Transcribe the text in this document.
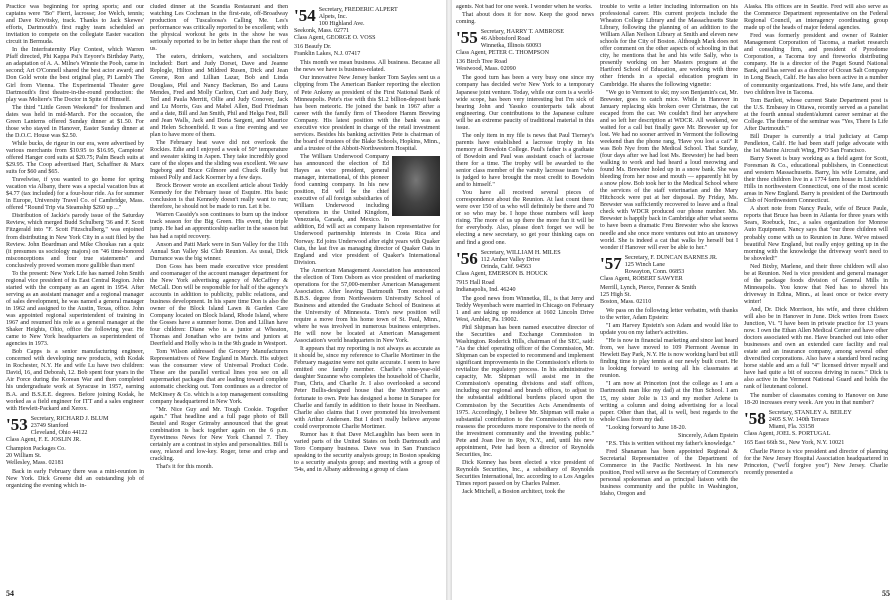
Practice was beginning for spring sports; and our captains were "Bo" Fierri, lacrosse; Joe Welch, tennis; and Dave Krivitsky, track. Thanks to Jack Skewes' efforts, Dartmouth's first rugby team scheduled an invitation to compete on the collegiate Easter vacation circuit in Bermuda.

In the Interfraternity Play Contest, which Warren Pfaff directed, Phi Kappa Psi's Eeyore's Birthday Party, an adaptation of A. A. Milne's Winnie the Pooh, came in second; Art O'Connell shared the best actor award; and Don Gold wrote the best original play, Pi Lamb's The Girl from Vienna. The Experimental Theater gave Dartmouth's first theatre-in-the-round production: the play was Moliere's The Doctor in Spite of Himself.

The third "Little Green Weekend" for freshmen and dates was held in mid-March. For the occasion, the Green Lanterns offered Sunday dinner at $1.50. For those who stayed in Hanover, Easter Sunday dinner at the D.O.C. House was $2.50.

While bucks, de rigeur in our era, were advertised by various merchants from $10.95 to $16.95, Campions' offered Hanger cord suits at $20.75; Palm Beach suits at $29.95. The Coop advertised Hart, Schaffner & Marx suits for $60 and $65.

Travelwise, if you wanted to go home for spring vacation via Albany, there was a special vacation bus at $4.77 (tax included) for a four-hour ride. As for summer in Europe, University Travel Co. of Cambridge, Mass. offered "Round Trip via Steamship $260 up ..."

Distribution of Jackie's parody issue of the Saturday Review, which merged Budd Schulberg '36 and F. Scott Fitzgerald into "F. Scott Fitzschulberg," was enjoined from distributing in New York City in a suit filed by the Review. John Boardman and Mike Choukas ran a quiz (it presumes us sociology majors) on "46 time-honored misconceptions and four true statements" and conclusively proved women more gullible than men!

To the present: New York Life has named John Smith regional vice president of its East Central Region. John started with the company as an agent in 1954. After serving as an assistant manager and a regional manager of sales development, he was named a general manager in 1962 and assigned to the Austin, Texas, office. John was appointed regional superintendent of training in 1967 and resumed his role as a general manager at the Shaker Heights, Ohio, office the following year. He came to New York headquarters as superintendent of agencies in 1973.

Bob Capps is a senior manufacturing engineer, concerned with developing new products, with Kodak in Rochester, N.Y. He and wife Lu have two children: David, 16, and Deborah, 12. Bob spent four years in the Air Force during the Korean War and then completed his undergraduate work at Syracuse in 1957, earning B.A. and B.S.E.E. degrees. Before joining Kodak, he worked as a field engineer for ITT and a sales engineer with Hewlett-Packard and Xerox.

'53 Secretary, RICHARD J. BLUM
23749 Stanford
Cleveland, Ohio 44122
Class Agent, F. E. JOSLIN JR.
Champion Packages Co.
20 William St.
Wellesley, Mass. 02181

Back in early February there was a mini-reunion in New York. Dick Greene did an outstanding job of organizing the evening which in-

cluded dinner at the Scandia Restaurant and then watching Les Cochman in the first-rate, off-Broadway production of Tuscaloosa's Calling Me. Les's performance was critically reported to be excellent; with the physical workout he gets in the show he was seriously reported to be in better shape than the rest of us.

The eaters, drinkers, watchers, and socializers included: Burt and Judy Dorset, Dave and Jeanne Replogle, Hilton and Mildred Rusen, Dick and Jean Greene, Ron and Lillian Lazar, Bob and Linda Douglass, Phil and Nancy Backman, Bo and Laura Mendes, Fred and Molly Carlton, Curt and Judy Bury, Ted and Paula Merritt, Ollie and Judy Conover, Jack and Lu Morris, Gus and Mabel Allen, Bud Friedman and a date, Bill and Jan Smith, Phil and Helga Fest, Bill and Jean Walls, Jack and Doria Sargent, and Maurice and Helen Schoenfield. It was a fine evening and we plan to have more of them.

The February heat wave did not overlook the Rockies. Edie and I enjoyed a week of 50° temperature and sweater skiing in Aspen. They take incredibly good care of the slopes and the sliding was excellent. We saw Ingeborg and Bruce Gilmore and Chuck Reilly but missed Polly and Jack Koerner by a few days.

Brock Brower wrote an excellent article about Teddy Kennedy for the February issue of Esquire. His basic conclusion is that Kennedy doesn't really want to run; therefore, he should not be made to run. Let it be.

Warren Cassidy's son continues to burn up the indoor track season for the Big Green. His event, the triple jump. He had an apprenticeship earlier in the season but has had a rapid recovery.

Anson and Patti Mark were in Sun Valley for the 11th Annual Sun Valley Ski Club Reunion. As usual, Dick Durrance was the big winner.

Don Goss has been made executive vice president and coomanager of the account manager department for the New York advertising agency of McCaffrey & McCall. Don will be responsible for half of the agency's accounts in addition to publicity, public relations, and business development. In his spare time Don is also the owner of the Block Island Lawn & Garden Care Company located on Block Island, Rhode Island, where the Gosses have a summer home. Don and Lillian have four children: Diane who is a junior at Wheaton, Thomas and Jonathan who are twins and juniors at Deerfield and Holly who is in the 9th grade in Westport.

Tom Wilson addressed the Grocery Manufacturers Representatives of New England in March. His subject was the consumer view of Universal Product Code. These are the parallel vertical lines you see on all supermarket packages that are leading toward complete automatic checking out. Tom continues as a director of McKinsey & Co. which is a top management consulting company headquartered in New York.

"Mr. Nice Guy and Mr. Tough Cookie. Together again." That headline and a full page photo of Bill Beutel and Roger Grimsby announced that the great combination is back together again on the 6 p.m. Eyewitness News for New York Channel 7. They certainly are a contrast in styles and personalities. Bill is easy, relaxed and low-key. Roger, terse and crisp and crackling.

That's it for this month.

'54 Secretary, FREDERIC ALPERT
Alpets, Inc.
100 Highland Ave.
Seekonk, Mass. 02771
Class Agent, GEORGE O. VOSS
316 Beaufy Dr.
Franklin Lakes, N.J. 07417

This month we mean business. All business. Because all the news we have is business-related.

Our innovative New Jersey banker Tom Sayles sent us a clipping from The American Banker reporting the election of Pete Ankeny as president of the First National Bank of Minneapolis. Pete's rise with this $1.2 billion-deposit bank has been meteoric. He joined the bank in 1967 after a career with the family firm of Theodore Hamm Brewing Company. His latest position with the bank was as executive vice president in charge of the retail investment services. Besides his banking activities Pete is chairman of the board of trustees of the Blake Schools, Hopkins, Minn., and a trustee of the Abbott-Northwestern Hospital.

The William Underwood Company has announced the election of Ed Hayes as vice president, general manager, international, of this pioneer food canning company. In his new position, Ed will be the chief executive of all foreign subsidiaries of William Underwood including operations in the United Kingdom, Venezuela, Canada, and Mexico. In addition, Ed will act as company liaison representative for Underwood partnership interests in Costa Rica and Norway. Ed joins Underwood after eight years with Quaker Oats, the last five as managing director of Quaker Oats in England and vice president of Quaker's International Division.

The American Management Association has announced the election of Tom Osborn as vice president of marketing operations for the 57,000-member American Management Association. After leaving Dartmouth Tom received a B.B.S. degree from Northwestern University School of Business and attended the Graduate School of Business at the University of Minnesota. Tom's new position will require a move from his home town of St. Paul, Minn., where he was involved in numerous business enterprises. He will now be located at American Management Association's world headquarters in New York.

It appears that my reporting is not always as accurate as it should be, since my reference to Charlie Mortimer in the February magazine were not quite accurate. I seem to have omitted one family member. Charlie's nine-year-old daughter Suzanne who completes the household of Charlie, Fran, Chris, and Charlie Jr. I also overlooked a second Peter Bullis-designed house that the Mortimer's are fortunate to own. Pete has designed a home in Sunapee for Charlie and family in addition to their house in Needham. Charlie also claims that I over promoted his involvement with Arthur Andersen. But I don't really believe anyone could overpromote Charlie Mortimer.

Rumor has it that Dave McLaughlin has been seen in varied parts of the United States on both Dartmouth and Toro Company business. Dave was in San Francisco speaking to the security analysts group; in Boston speaking to a security analysts group; and meeting with a group of '54s, and in Albany addressing a group of class

54

agents. Not bad for one week. I wonder when he works.

That about does it for now. Keep the good news coming.

'55 Secretary, HARRY T. AMBROSE
46 Abbotsford Road
Winnetka, Illinois 60093
Class Agent, PETER C. THOMPSON
136 Birch Tree Road
Westwood, Mass. 02090

The good turn has been a very busy one since my company has decided we're New York to a temporary Japanese joint venture. Today, while our corn is a world-wide scope, has been very interesting but I'm sick of hearing John and Yasuko counterparts talk about engineering. Our contributions to the Japanese culture will be an extreme paucity of traditional material in this issue.

The only item in my file is news that Paul Tierney's parents have established a lacrosse trophy in his memory at Bowdoin College. Paul's father is a graduate of Bowdoin and Paul was assistant coach of lacrosse there for a time. The trophy will be awarded to the senior class member of the varsity lacrosse team "who is judged to have brought the most credit to Bowdoin and to himself."

You have all received several pieces of correspondence about the Reunion. At last count there were over 150 of us who will definitely be there and 70 or so who may be. I hope those numbers will keep rising. The more of us up there the more fun it will be for everybody. Also, please don't forget we will be electing a new secretary, so get your thinking caps on and find a good one.

'56 Secretary, WILLIAM H. MILES
112 Amber Valley Drive
Orinda, Calif. 94563
Class Agent, EMERSON B. HOUCK
7915 Hall Road
Indianapolis, Ind. 46240

The good news from Winnetka, Ill., is that Jerry and Teddy Weyenbach were married in Chicago on February 1 and are taking up residence at 1602 Lincoln Drive West, Ambler, Pa. 19002.

Phil Shipman has been named executive director of the Securities and Exchange Commission in Washington. Roderick Hills, chairman of the SEC, said: "As the chief operating officer of the Commission, Mr. Shipman can be expected to recommend and implement significant improvements in the Commission's efforts to revitalize the regulatory process. In his administrative capacity, Mr. Shipman will assist me in the Commission's operating divisions and staff offices, including our regional and branch offices, to adjust to the substantial additional burdens placed upon the Commission by the Securities Acts Amendments of 1975. Accordingly, I believe Mr. Shipman will make a substantial contribution to the Commission's effort to reassess the procedures more responsive to the needs of the investment community and the investing public." Pete and Joan live in Rye, N.Y., and, until his new appointment, Pete had been a director of Reynolds Securities, Inc.

Dick Kenney has been elected a vice president of Reynolds Securities, Inc., a subsidiary of Reynolds Securities International, Inc. according to a Los Angeles Times report passed on by Charles Palmer.

Jack Mitchell, a Boston architect, took the

trouble to write a letter including information on his professional career. His current projects include the Wheaton College Library and the Massachusetts State Library, following the planning of an addition to the William Allan Neilson Library at Smith and eleven new schools for the City of Boston. Although Mark does not offer comment on the other aspects of schooling in that city, he mentions that he and his wife Sally, who is presently working on her Masters program at the Hartford School of Education, are working with three other friends in a special education program in Cambridge. He shares the following vignette:

"We go to Vermont to ski; my son Benjamin's cat, Mr. Brewster, goes to catch mice. While in Hanover in January replacing skis broken over Christmas, the cat escaped from the car. We couldn't find her anywhere and so left her description at WDCR. All weekend, we waited for a call but finally gave Mr. Brewster up for lost. We had no sooner arrived in Vermont the following weekend than the phone rang, 'Have you lost a cat?' It was Bob Nye from the Medical School. That Sunday, (four days after we had lost Ms. Brewster) he had been walking to work and had heard a loud meowing and found Ms. Brewster holed up in a snow bank. She was bleeding from her nose and mouth — apparently hit by a snow plow. Bob took her to the Medical School where the services of the staff veterinarian and the Mary Hitchcock were put at her disposal. By Friday, Ms. Brewster was sufficiently recovered to leave and a final check with WDCR produced our phone number. Ms. Brewster is happily back in Cambridge after what seems to have been a dramatic Freu Brewster who she knows needle and she once more ventures out into an unsnowy world. She is indeed a cat that walks by herself but I wonder if Hanover will ever be able to her."

'57 Secretary, F. DUNCAN BARNES JR.
125 Winch Lane
Rowayton, Conn. 06853
Class Agent, ROBERT SAWYER
Merrill, Lynch, Pierce, Fenner & Smith
125 High St.
Boston, Mass. 02110

We pass on the following letter verbatim, with thanks to the writer, Adam Epstein:

"I am Harvey Epstein's son Adam and would like to update you on my father's activities.

"He is now in financial marketing and since last heard from, we have moved to 109 Piermont Avenue in Hewlett Bay Park, N.Y. He is now working hard but still finding time to play tennis at our newly built court. He is looking forward to seeing all his classmates at reunion.

"I am now at Princeton (not the college as I am a Dartmouth man like my dad) at the Hun School. I am 15, my sister Jolie is 13 and my mother Arlene is writing a column and doing advertising for a local paper. Other than that, all is well, best regards to the whole Class from my dad.

"Looking forward to June 18-20.

Sincerely, Adam Epstein

"P.S. This is written without my father's knowledge."

Fred Shanaman has been appointed Regional & Secretarial Representative of the Department of Commerce in the Pacific Northwest. In his new position, Fred will serve as the Secretary of Commerce's personal spokesman and as principal liaison with the business community and the public in Washington, Idaho, Oregon and

Alaska. His offices are in Seattle. Fred will also serve as the Commerce Department representative on the Federal Regional Council, an interagency coordinating group made up of the heads of major federal agencies.

Fred was formerly president and owner of Rainier Management Corporation of Tacoma, a market research and consulting firm, and president of Pyrodome Corporation, a Tacoma toy and fireworks distributing company. He is a director of the Puget Sound National Bank, and has served as a director of Ocean Salt Company in Long Beach, Calif. He has also been active in a number of community organizations. Fred, his wife Jane, and their two children live in Tacoma.

Tom Bartlett, whose current State Department post is the U.S. Embassy in Ottawa, recently served as a panelist at the fourth annual student/alumni career seminar at the College. The theme of the seminar was "Yes, There Is Life After Dartmouth."

Bill Draper is currently a trial judiciary at Camp Pendleton, Calif. He had been staff judge advocate with the 1st Marine Aircraft Wing, FPO San Francisco.

Barry Sweet is busy working as a field agent for Scott, Foresman & Co., educational publishers, in Connecticut and western Massachusetts. Barry, his wife Lorraine, and their three children live in a 1774 farm house in Litchfield Hills in northwestern Connecticut, one of the most scenic areas in New England. Barry is president of the Dartmouth Club of Northwestern Connecticut.

A short note from Nancy Paule, wife of Bruce Paule, reports that Bruce has been in Atlanta for three years with Sears, Roebuck, Inc., a sales organization for Monroe Auto Equipment. Nancy says that "our three children will probably come with us to Reunion in June. We've missed beautiful New England, but really enjoy getting up in the morning with the knowledge the driveway won't need to be shoveled!"

Ned Bixby, Marlene, and their three children will also be at Reunion. Ned is vice president and general manager of the package foods division of General Mills in Minneapolis. You know that Ned has to shovel his driveway in Edina, Minn., at least once or twice every winter!

And, Dr. Dick Morrison, his wife, and three children will also be in Hanover in June. Dick writes from Essex Junction, Vt. "I have been in private practice for 13 years now. I own the Ethan Allen Medical Center and have other doctors associated with me. Have branched out into other businesses and own an extended care facility and real estate and an insurance company, among several other diversified corporations. Also have a standard bred racing horse stable and am a full "4" licensed driver myself and have had quite a bit of success driving in races." Dick is also active in the Vermont National Guard and holds the rank of lieutenant colonel.

The number of classmates coming to Hanover on June 18-20 increases every week. Are you in that number?

'58 Secretary, STANLEY A. BEILEY
2405 S.W. 140th Terrace
Miami, Fla. 33158
Class Agent, JOEL S. PORTUGAL
165 East 66th St., New York, N.Y. 10021

Charlie Pierce is vice president and director of planning for the New Jersey Hospital Association headquartered in Princeton, ("we'll forgive you") New Jersey. Charlie recently presented a

55
